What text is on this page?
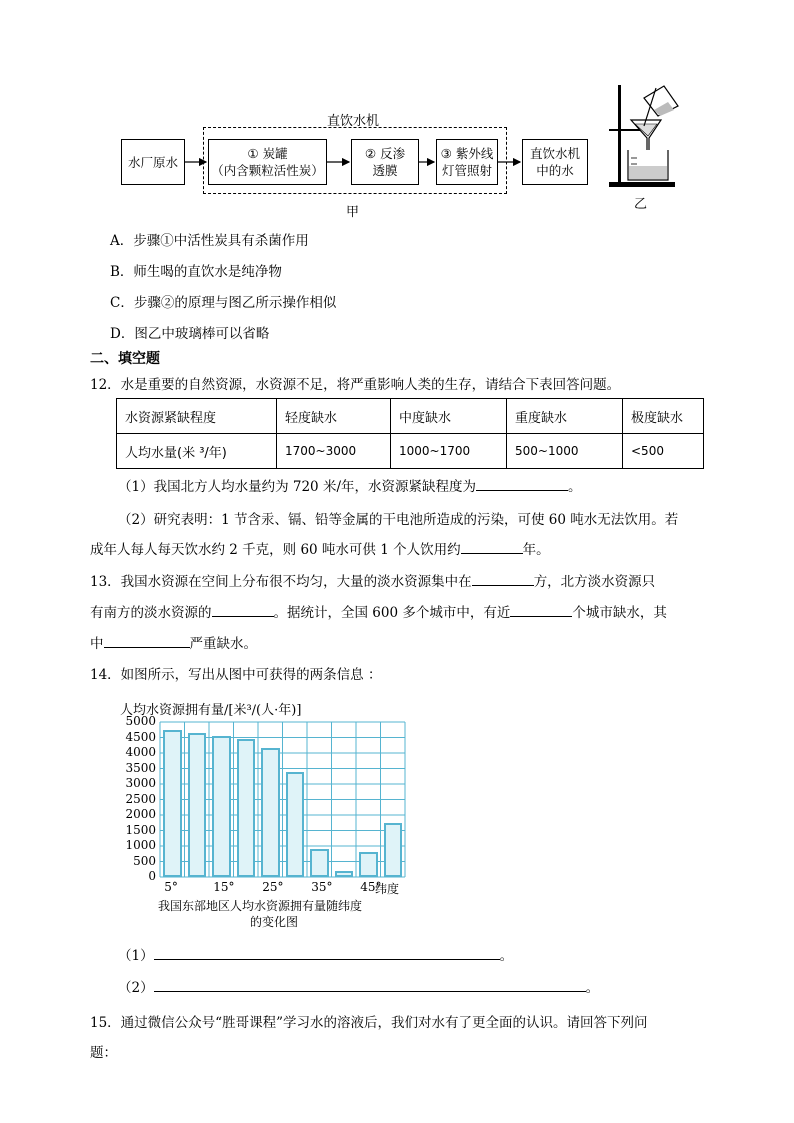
直饮水机
水厂原水
① 炭罐
（内含颗粒活性炭）
② 反渗
透膜
③ 紫外线
灯管照射
直饮水机
中的水
甲
乙
A．步骤①中活性炭具有杀菌作用
B．师生喝的直饮水是纯净物
C．步骤②的原理与图乙所示操作相似
D．图乙中玻璃棒可以省略
二、填空题
12．水是重要的自然资源，水资源不足，将严重影响人类的生存，请结合下表回答问题。
水资源紧缺程度	轻度缺水	中度缺水	重度缺水	极度缺水
人均水量(米 ³/年)	1700~3000	1000~1700	500~1000	<500
（1）我国北方人均水量约为 720 米/年，水资源紧缺程度为	。
（2）研究表明：1 节含汞、镉、铅等金属的干电池所造成的污染，可使 60 吨水无法饮用。若
成年人每人每天饮水约 2 千克，则 60 吨水可供 1 个人饮用约	年。
13．我国水资源在空间上分布很不均匀，大量的淡水资源集中在	方，北方淡水资源只
有南方的淡水资源的	。据统计，全国 600 多个城市中，有近	个城市缺水，其
中	严重缺水。
14．如图所示，写出从图中可获得的两条信息 ：
人均水资源拥有量/[米³/(人·年)]
0
500
1000
1500
2000
2500
3000
3500
4000
4500
5000
5°	15° 25° 35° 45°
纬度
我国东部地区人均水资源拥有量随纬度
的变化图
（1）	。
（2）	。
15．通过微信公众号“胜哥课程”学习水的溶液后，我们对水有了更全面的认识。请回答下列问
题：
